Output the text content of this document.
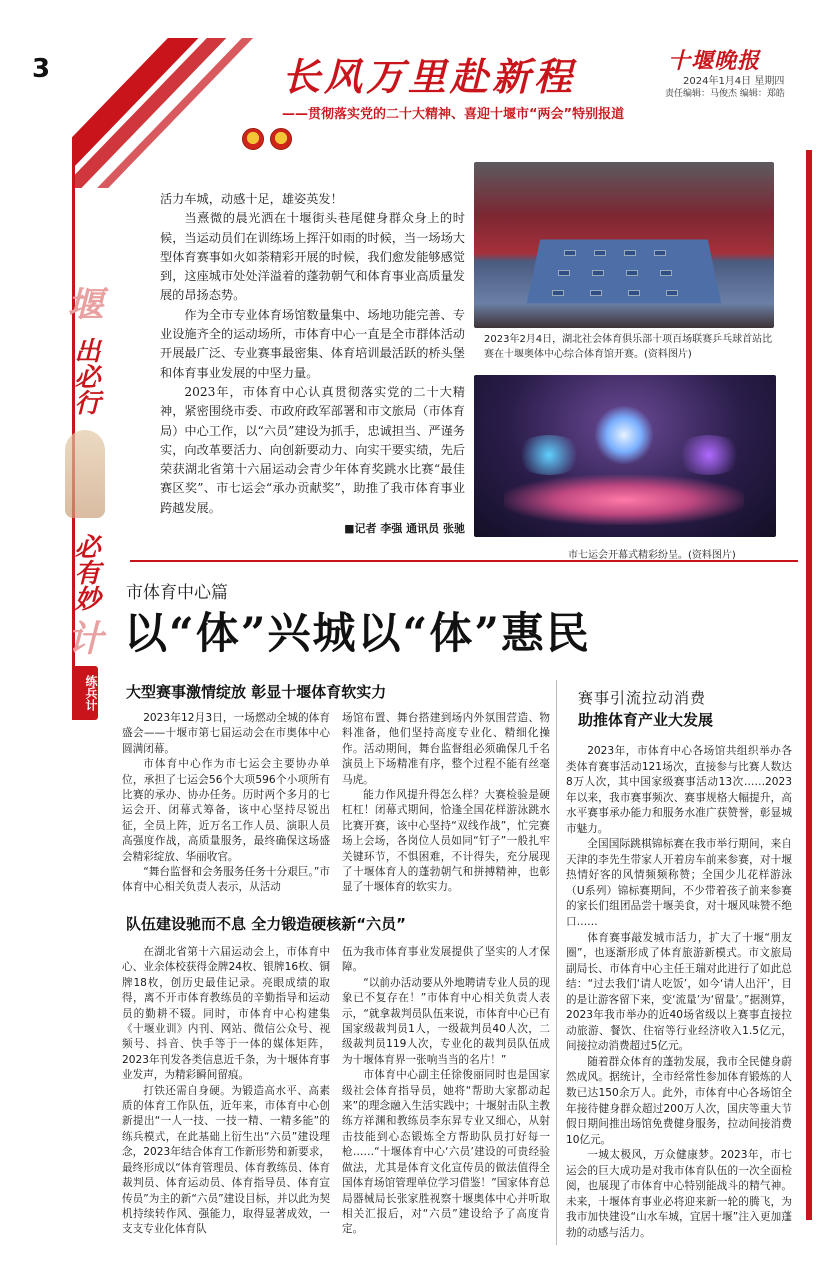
3	长风万里赴新程
——贯彻落实党的二十大精神、喜迎十堰市“两会”特别报道
十堰晚报
2024年1月4日 星期四
责任编辑：马俊杰 编辑：郑皓
堰
出必行
必有妙
计
练兵计

活力车城，动感十足，雄姿英发！

当熹微的晨光洒在十堰街头巷尾健身群众身上的时候，当运动员们在训练场上挥汗如雨的时候，当一场场大型体育赛事如火如荼精彩开展的时候，我们愈发能够感觉到，这座城市处处洋溢着的蓬勃朝气和体育事业高质量发展的昂扬态势。

作为全市专业体育场馆数量集中、场地功能完善、专业设施齐全的运动场所，市体育中心一直是全市群体活动开展最广泛、专业赛事最密集、体育培训最活跃的桥头堡和体育事业发展的中坚力量。

2023年，市体育中心认真贯彻落实党的二十大精神，紧密围绕市委、市政府政军部署和市文旅局（市体育局）中心工作，以“六员”建设为抓手，忠诚担当、严谨务实，向改革要活力、向创新要动力、向实干要实绩，先后荣获湖北省第十六届运动会青少年体育奖跳水比赛“最佳赛区奖”、市七运会“承办贡献奖”，助推了我市体育事业跨越发展。

■记者 李强 通讯员 张驰
2023年2月4日，湖北社会体育俱乐部十项百场联赛乒乓球首站比赛在十堰奥体中心综合体育馆开赛。(资料图片)
市七运会开幕式精彩纷呈。(资料图片)
市体育中心篇
以“体”兴城以“体”惠民
大型赛事激情绽放 彰显十堰体育软实力

2023年12月3日，一场燃动全城的体育盛会——十堰市第七届运动会在市奥体中心圆满闭幕。

市体育中心作为市七运会主要协办单位，承担了七运会56个大项596个小项所有比赛的承办、协办任务。历时两个多月的七运会开、闭幕式筹备，该中心坚持尽锐出征，全员上阵，近万名工作人员、演职人员高强度作战，高质量服务，最终确保这场盛会精彩绽放、华丽收官。

“舞台监督和会务服务任务十分艰巨。”市体育中心相关负责人表示，从活动

场馆布置、舞台搭建到场内外氛围营造、物料准备，他们坚持高度专业化、精细化操作。活动期间，舞台监督组必须确保几千名演员上下场精准有序，整个过程不能有丝毫马虎。

能力作风提升得怎么样？大赛检验是硬杠杠！闭幕式期间，恰逢全国花样游泳跳水比赛开赛，该中心坚持“双线作战”，忙完赛场上会场，各岗位人员如同“钉子”一般扎牢关键环节，不惧困难，不计得失，充分展现了十堰体育人的蓬勃朝气和拼搏精神，也彰显了十堰体育的软实力。

队伍建设驰而不息 全力锻造硬核新“六员”

在湖北省第十六届运动会上，市体育中心、业余体校获得金牌24枚、银牌16枚、铜牌18枚，创历史最佳记录。亮眼成绩的取得，离不开市体育教练员的辛勤指导和运动员的勤耕不辍。同时，市体育中心构建集《十堰业训》内刊、网站、微信公众号、视频号、抖音、快手等于一体的媒体矩阵，2023年刊发各类信息近千条，为十堰体育事业发声，为精彩瞬间留痕。

打铁还需自身硬。为锻造高水平、高素质的体育工作队伍，近年来，市体育中心创新提出“一人一技、一技一精、一精多能”的练兵模式，在此基础上衍生出“六员”建设理念，2023年结合体育工作新形势和新要求，最终形成以“体育管理员、体育教练员、体育裁判员、体育运动员、体育指导员、体育宣传员”为主的新“六员”建设目标，并以此为契机持续转作风、强能力，取得显著成效，一支支专业化体育队

伍为我市体育事业发展提供了坚实的人才保障。

“以前办活动要从外地聘请专业人员的现象已不复存在！”市体育中心相关负责人表示，“就拿裁判员队伍来说，市体育中心已有国家级裁判员1人，一级裁判员40人次，二级裁判员119人次，专业化的裁判员队伍成为十堰体育界一张响当当的名片！”

市体育中心副主任徐俊丽同时也是国家级社会体育指导员，她将“帮助大家都动起来”的理念融入生活实践中；十堰射击队主教练方祥渊和教练员李东昇专业又细心，从射击技能到心态锻炼全方帮助队员打好每一枪……“十堰体育中心‘六员’建设的可贵经验做法，尤其是体育文化宣传员的做法值得全国体育场馆管理单位学习借鉴！”国家体育总局器械局长张家胜视察十堰奥体中心并听取相关汇报后，对“六员”建设给予了高度肯定。

赛事引流拉动消费
助推体育产业大发展

2023年，市体育中心各场馆共组织举办各类体育赛事活动121场次，直接参与比赛人数达8万人次，其中国家级赛事活动13次……2023年以来，我市赛事频次、赛事规格大幅提升，高水平赛事承办能力和服务水准广获赞誉，彰显城市魅力。

全国国际跳棋锦标赛在我市举行期间，来自天津的李先生带家人开着房车前来参赛，对十堰热情好客的风情频频称赞；全国少儿花样游泳（U系列）锦标赛期间，不少带着孩子前来参赛的家长们组团品尝十堰美食，对十堰风味赞不绝口……

体育赛事敲发城市活力，扩大了十堰“朋友圈”，也逐渐形成了体育旅游新模式。市文旅局副局长、市体育中心主任王瑞对此进行了如此总结：“过去我们‘请人吃饭’，如今‘请人出汗’，目的是让游客留下来，变‘流量’为‘留量’。”据测算，2023年我市举办的近40场省级以上赛事直接拉动旅游、餐饮、住宿等行业经济收入1.5亿元，间接拉动消费超过5亿元。

随着群众体育的蓬勃发展，我市全民健身蔚然成风。据统计，全市经常性参加体育锻炼的人数已达150余万人。此外，市体育中心各场馆全年接待健身群众超过200万人次，国庆等重大节假日期间推出场馆免费健身服务，拉动间接消费10亿元。

一城太极风，万众健康梦。2023年，市七运会的巨大成功是对我市体育队伍的一次全面检阅，也展现了市体育中心特别能战斗的精气神。未来，十堰体育事业必将迎来新一轮的腾飞，为我市加快建设“山水车城，宜居十堰”注入更加蓬勃的动感与活力。
